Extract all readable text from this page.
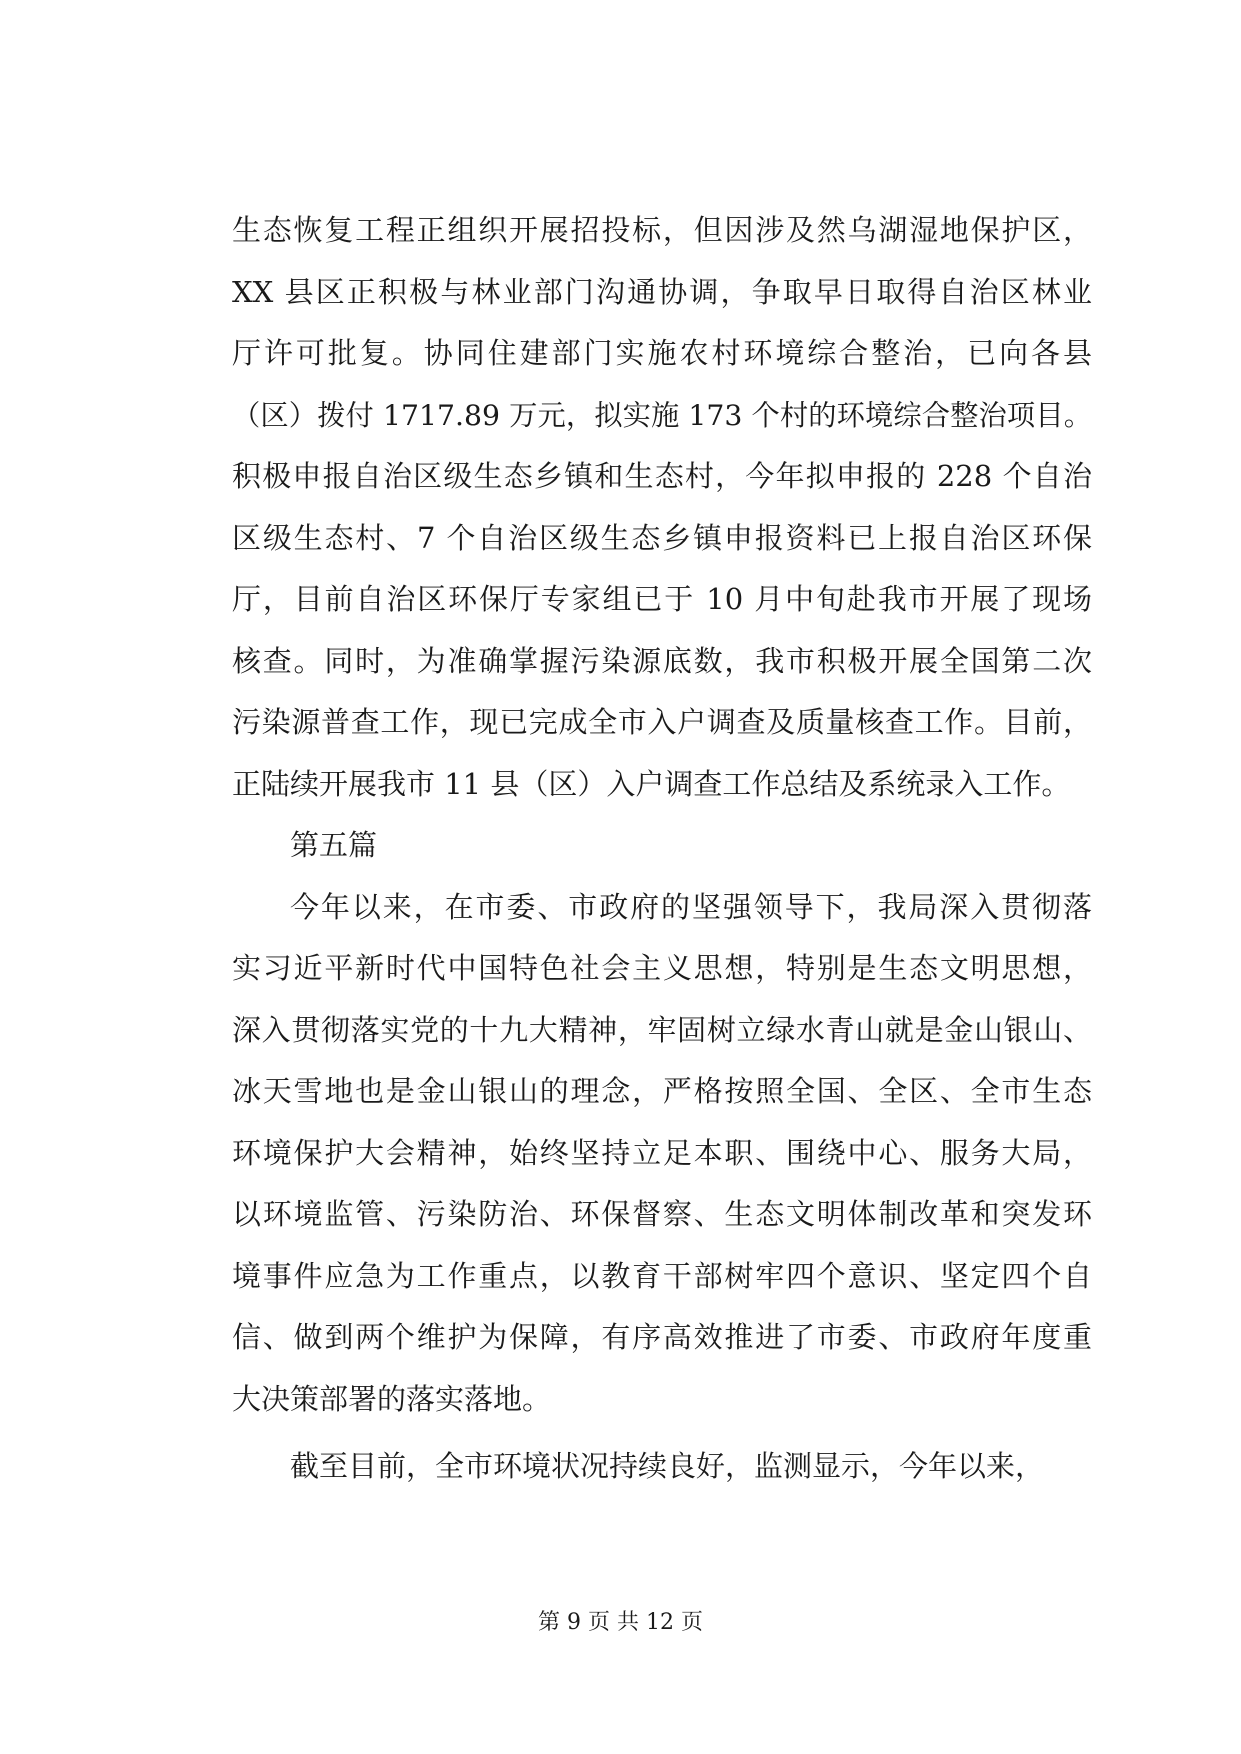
生态恢复工程正组织开展招投标，但因涉及然乌湖湿地保护区，
XX 县区正积极与林业部门沟通协调，争取早日取得自治区林业
厅许可批复。协同住建部门实施农村环境综合整治，已向各县
（区）拨付 1717.89 万元，拟实施 173 个村的环境综合整治项目。
积极申报自治区级生态乡镇和生态村，今年拟申报的 228 个自治
区级生态村、7 个自治区级生态乡镇申报资料已上报自治区环保
厅，目前自治区环保厅专家组已于 10 月中旬赴我市开展了现场
核查。同时，为准确掌握污染源底数，我市积极开展全国第二次
污染源普查工作，现已完成全市入户调查及质量核查工作。目前，
正陆续开展我市 11 县（区）入户调查工作总结及系统录入工作。
第五篇
今年以来，在市委、市政府的坚强领导下，我局深入贯彻落
实习近平新时代中国特色社会主义思想，特别是生态文明思想，
深入贯彻落实党的十九大精神，牢固树立绿水青山就是金山银山、
冰天雪地也是金山银山的理念，严格按照全国、全区、全市生态
环境保护大会精神，始终坚持立足本职、围绕中心、服务大局，
以环境监管、污染防治、环保督察、生态文明体制改革和突发环
境事件应急为工作重点，以教育干部树牢四个意识、坚定四个自
信、做到两个维护为保障，有序高效推进了市委、市政府年度重
大决策部署的落实落地。
截至目前，全市环境状况持续良好，监测显示，今年以来，
第 9 页 共 12 页
